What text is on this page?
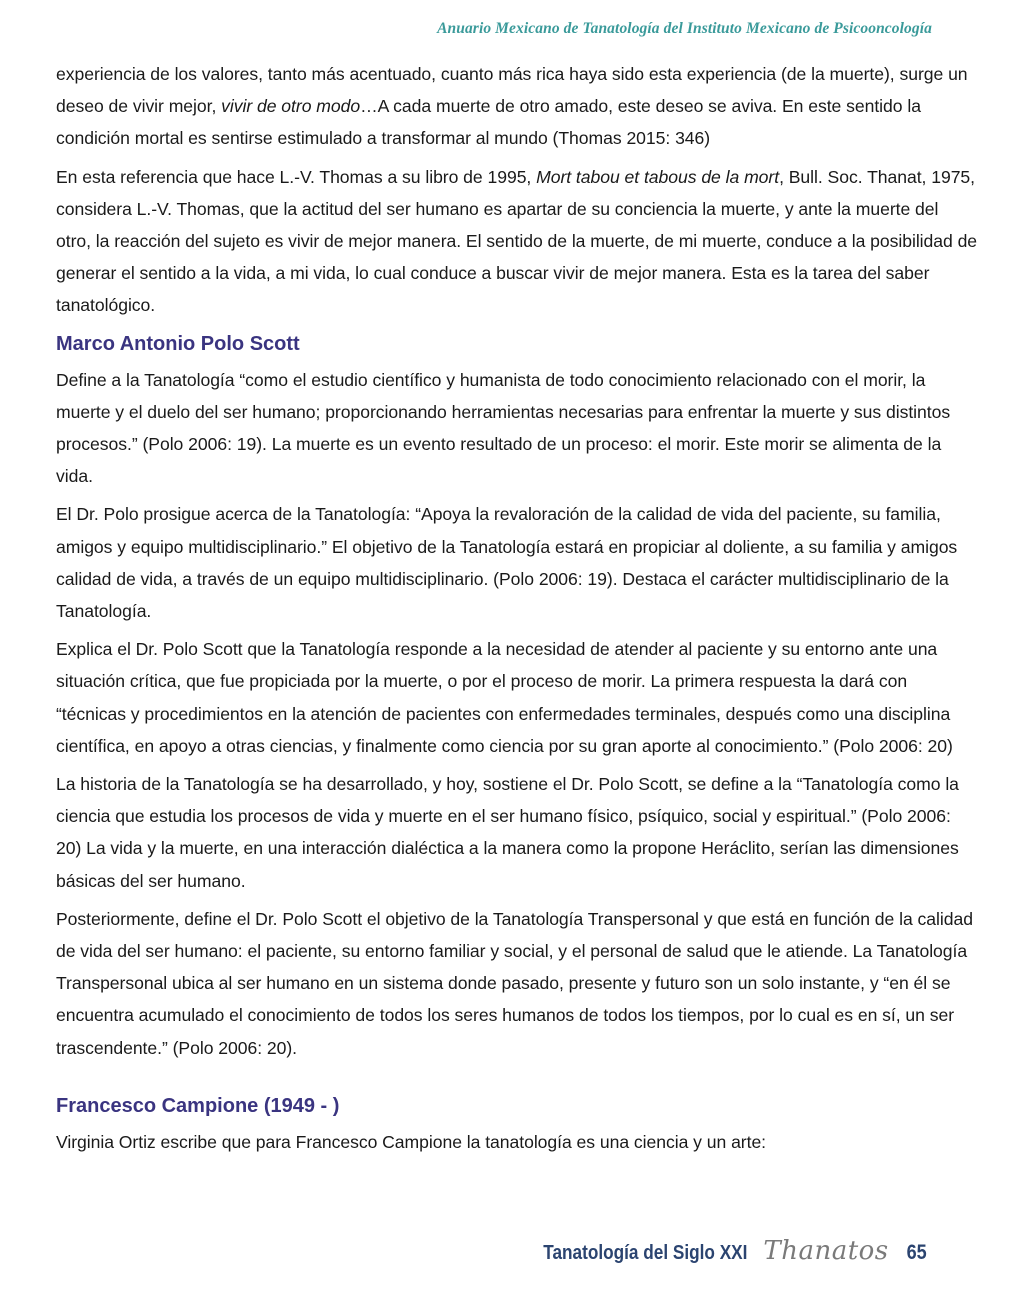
Anuario Mexicano de Tanatología del Instituto Mexicano de Psicooncología

experiencia de los valores, tanto más acentuado, cuanto más rica haya sido esta experiencia (de la muerte), surge un deseo de vivir mejor, vivir de otro modo…A cada muerte de otro amado, este deseo se aviva. En este sentido la condición mortal es sentirse estimulado a transformar al mundo (Thomas 2015: 346)

En esta referencia que hace L.-V. Thomas a su libro de 1995, Mort tabou et tabous de la mort, Bull. Soc. Thanat, 1975, considera L.-V. Thomas, que la actitud del ser humano es apartar de su conciencia la muerte, y ante la muerte del otro, la reacción del sujeto es vivir de mejor manera. El sentido de la muerte, de mi muerte, conduce a la posibilidad de generar el sentido a la vida, a mi vida, lo cual conduce a buscar vivir de mejor manera. Esta es la tarea del saber tanatológico.

Marco Antonio Polo Scott

Define a la Tanatología “como el estudio científico y humanista de todo conocimiento relacionado con el morir, la muerte y el duelo del ser humano; proporcionando herramientas necesarias para enfrentar la muerte y sus distintos procesos.” (Polo 2006: 19). La muerte es un evento resultado de un proceso: el morir. Este morir se alimenta de la vida.

El Dr. Polo prosigue acerca de la Tanatología: “Apoya la revaloración de la calidad de vida del paciente, su familia, amigos y equipo multidisciplinario.” El objetivo de la Tanatología estará en propiciar al doliente, a su familia y amigos calidad de vida, a través de un equipo multidisciplinario. (Polo 2006: 19). Destaca el carácter multidisciplinario de la Tanatología.

Explica el Dr. Polo Scott que la Tanatología responde a la necesidad de atender al paciente y su entorno ante una situación crítica, que fue propiciada por la muerte, o por el proceso de morir. La primera respuesta la dará con “técnicas y procedimientos en la atención de pacientes con enfermedades terminales, después como una disciplina científica, en apoyo a otras ciencias, y finalmente como ciencia por su gran aporte al conocimiento.” (Polo 2006: 20)

La historia de la Tanatología se ha desarrollado, y hoy, sostiene el Dr. Polo Scott, se define a la “Tanatología como la ciencia que estudia los procesos de vida y muerte en el ser humano físico, psíquico, social y espiritual.” (Polo 2006: 20) La vida y la muerte, en una interacción dialéctica a la manera como la propone Heráclito, serían las dimensiones básicas del ser humano.

Posteriormente, define el Dr. Polo Scott el objetivo de la Tanatología Transpersonal y que está en función de la calidad de vida del ser humano: el paciente, su entorno familiar y social, y el personal de salud que le atiende. La Tanatología Transpersonal ubica al ser humano en un sistema donde pasado, presente y futuro son un solo instante, y “en él se encuentra acumulado el conocimiento de todos los seres humanos de todos los tiempos, por lo cual es en sí, un ser trascendente.” (Polo 2006: 20).

Francesco Campione (1949 - )

Virginia Ortiz escribe que para Francesco Campione la tanatología es una ciencia y un arte:

Tanatología del Siglo XXI Thanatos 65
